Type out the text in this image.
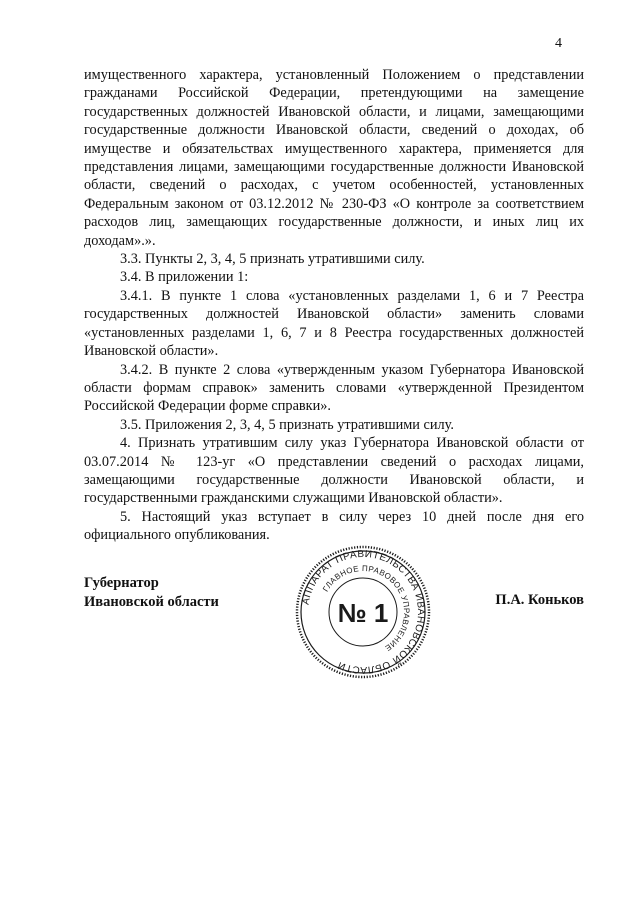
4

имущественного характера, установленный Положением о представлении гражданами Российской Федерации, претендующими на замещение государственных должностей Ивановской области, и лицами, замещающими государственные должности Ивановской области, сведений о доходах, об имуществе и обязательствах имущественного характера, применяется для представления лицами, замещающими государственные должности Ивановской области, сведений о расходах, с учетом особенностей, установленных Федеральным законом от 03.12.2012 № 230-ФЗ «О контроле за соответствием расходов лиц, замещающих государственные должности, и иных лиц их доходам».».

3.3. Пункты 2, 3, 4, 5 признать утратившими силу.

3.4. В приложении 1:

3.4.1. В пункте 1 слова «установленных разделами 1, 6 и 7 Реестра государственных должностей Ивановской области» заменить словами «установленных разделами 1, 6, 7 и 8 Реестра государственных должностей Ивановской области».

3.4.2. В пункте 2 слова «утвержденным указом Губернатора Ивановской области формам справок» заменить словами «утвержденной Президентом Российской Федерации форме справки».

3.5. Приложения 2, 3, 4, 5 признать утратившими силу.

4. Признать утратившим силу указ Губернатора Ивановской области от 03.07.2014 № 123-уг «О представлении сведений о расходах лицами, замещающими государственные должности Ивановской области, и государственными гражданскими служащими Ивановской области».

5. Настоящий указ вступает в силу через 10 дней после дня его официального опубликования.

Губернатор
Ивановской области	АППАРАТ ПРАВИТЕЛЬСТВА ИВАНОВСКОЙ ОБЛАСТИ
ГЛАВНОЕ ПРАВОВОЕ УПРАВЛЕНИЕ
№ 1	П.А. Коньков
